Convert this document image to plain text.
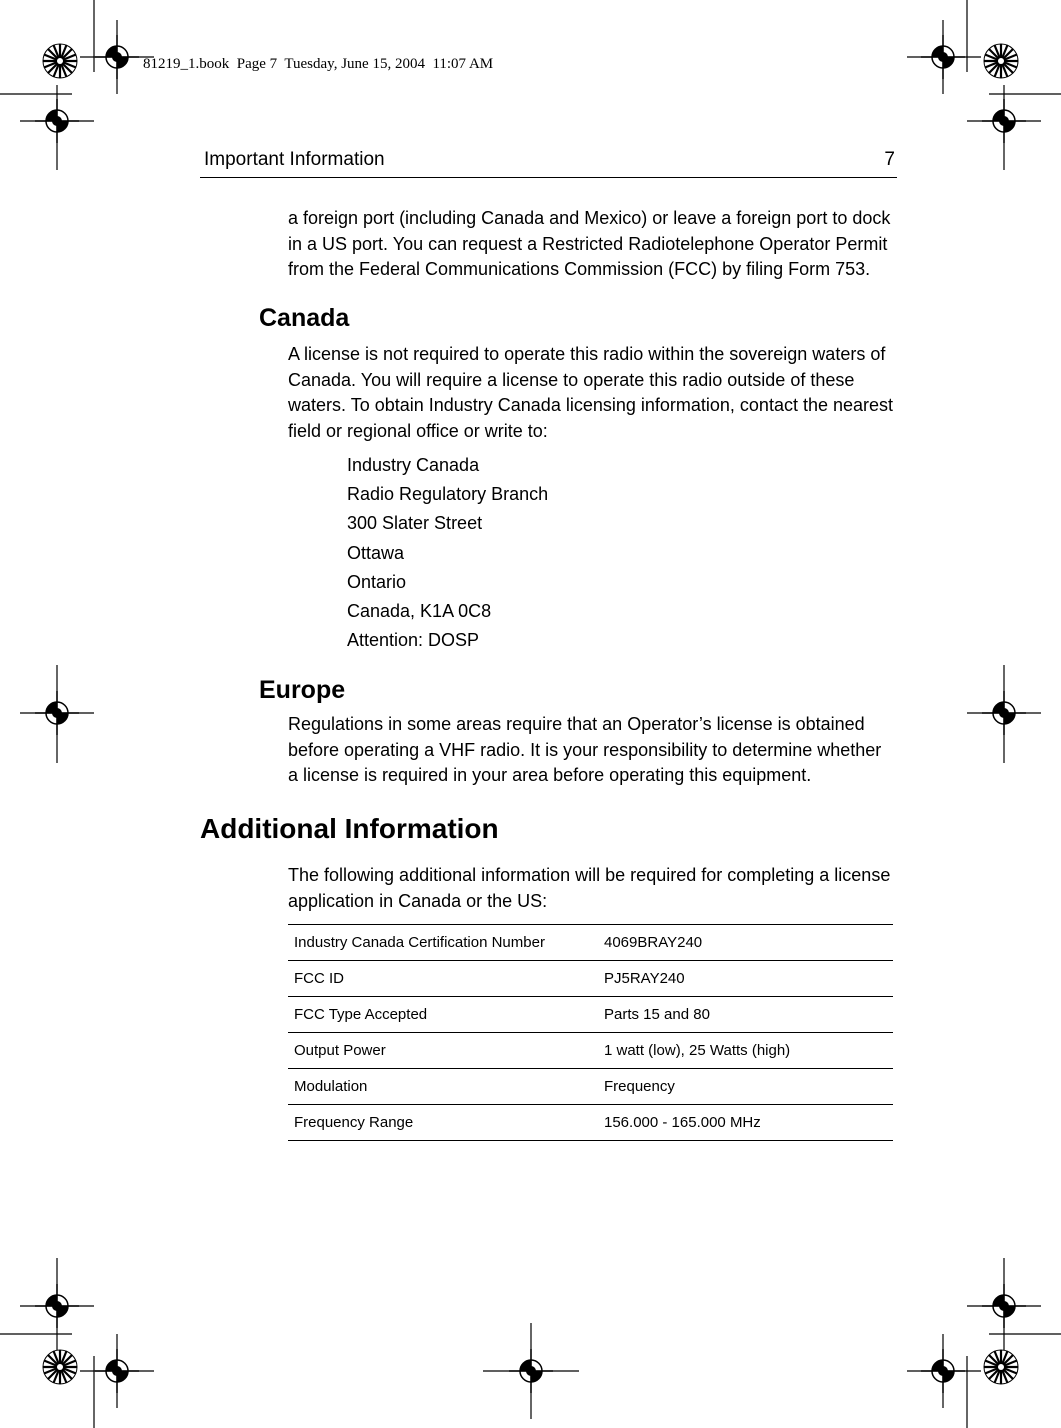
81219_1.book  Page 7  Tuesday, June 15, 2004  11:07 AM
Important Information	7

a foreign port (including Canada and Mexico) or leave a foreign port to dock in a US port. You can request a Restricted Radiotelephone Operator Permit from the Federal Communications Commission (FCC) by filing Form 753.

Canada

A license is not required to operate this radio within the sovereign waters of Canada. You will require a license to operate this radio outside of these waters. To obtain Industry Canada licensing information, contact the nearest field or regional office or write to:

Industry Canada
Radio Regulatory Branch
300 Slater Street
Ottawa
Ontario
Canada, K1A 0C8
Attention: DOSP
Europe

Regulations in some areas require that an Operator’s license is obtained before operating a VHF radio. It is your responsibility to determine whether a license is required in your area before operating this equipment.

Additional Information

The following additional information will be required for completing a license application in Canada or the US:

Industry Canada Certification Number	4069BRAY240
FCC ID	PJ5RAY240
FCC Type Accepted	Parts 15 and 80
Output Power	1 watt (low), 25 Watts (high)
Modulation	Frequency
Frequency Range	156.000 - 165.000 MHz
